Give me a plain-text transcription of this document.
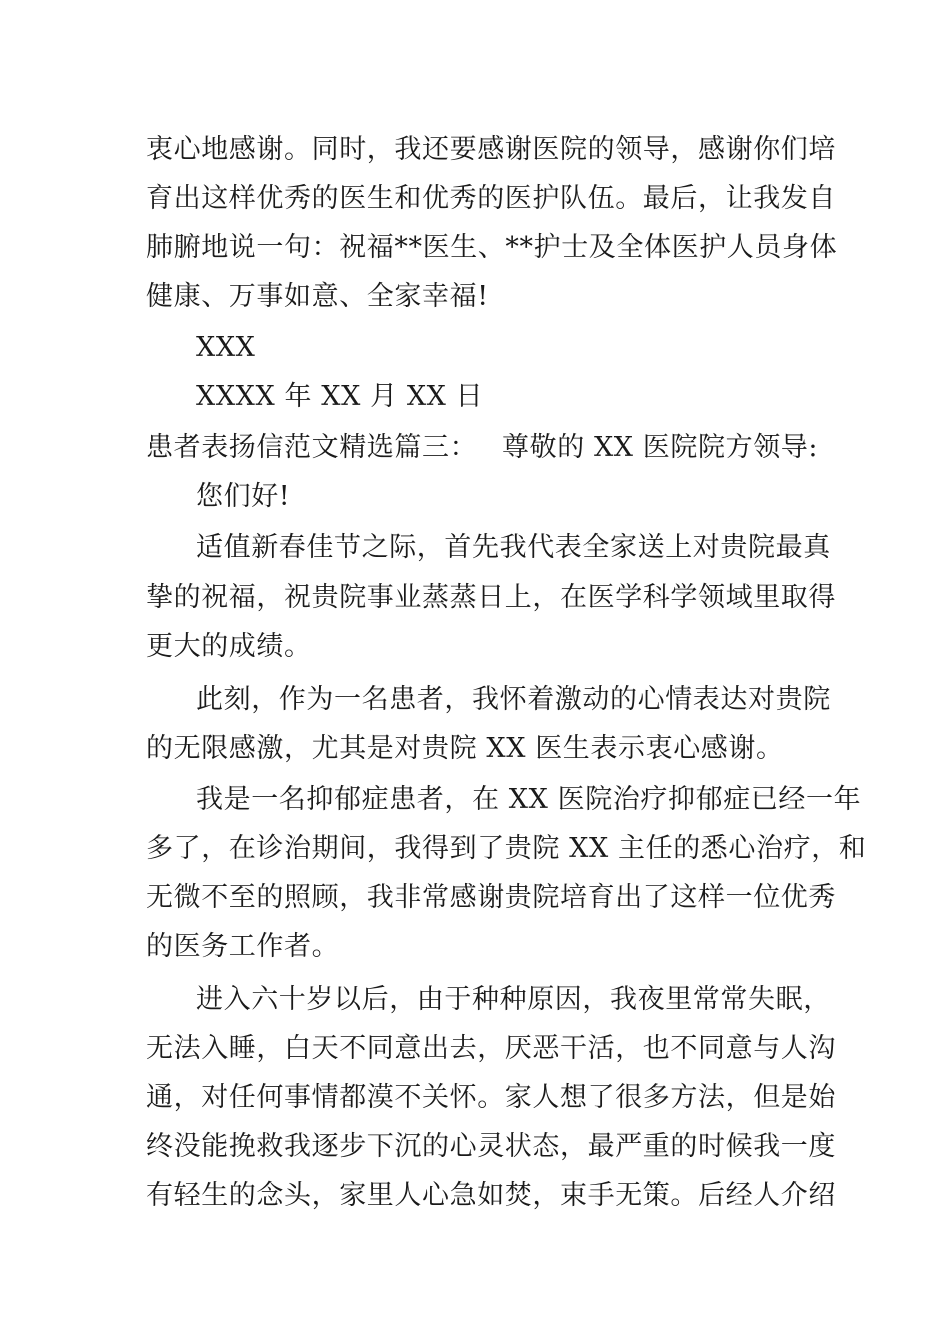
衷心地感谢。同时，我还要感谢医院的领导，感谢你们培
育出这样优秀的医生和优秀的医护队伍。最后，让我发自
肺腑地说一句：祝福**医生、**护士及全体医护人员身体
健康、万事如意、全家幸福!
XXX
XXXX 年 XX 月 XX 日
患者表扬信范文精选篇三： 尊敬的 XX 医院院方领导:
您们好!
适值新春佳节之际，首先我代表全家送上对贵院最真
挚的祝福，祝贵院事业蒸蒸日上，在医学科学领域里取得
更大的成绩。
此刻，作为一名患者，我怀着激动的心情表达对贵院
的无限感激，尤其是对贵院 XX 医生表示衷心感谢。
我是一名抑郁症患者，在 XX 医院治疗抑郁症已经一年
多了，在诊治期间，我得到了贵院 XX 主任的悉心治疗，和
无微不至的照顾，我非常感谢贵院培育出了这样一位优秀
的医务工作者。
进入六十岁以后，由于种种原因，我夜里常常失眠，
无法入睡，白天不同意出去，厌恶干活，也不同意与人沟
通，对任何事情都漠不关怀。家人想了很多方法，但是始
终没能挽救我逐步下沉的心灵状态，最严重的时候我一度
有轻生的念头，家里人心急如焚，束手无策。后经人介绍
